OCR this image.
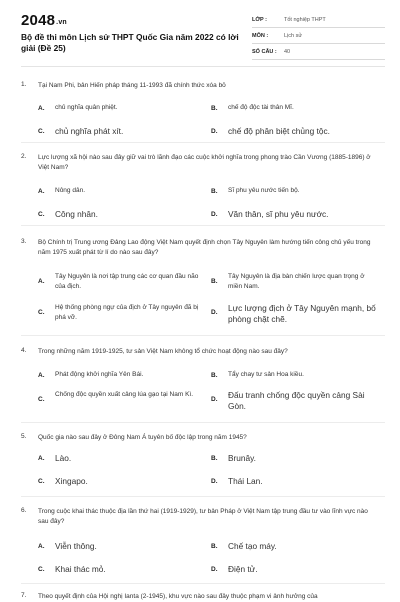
2048.vn
Bộ đề thi môn Lịch sử THPT Quốc Gia năm 2022 có lời giải (Đề 25)
LỚP :	Tốt nghiệp THPT
MÔN :	Lịch sử
SỐ CÂU : 40
1. Tại Nam Phi, bản Hiến pháp tháng 11-1993 đã chính thức xóa bỏ
A. chủ nghĩa quân phiệt.	B. chế độ độc tài thân Mĩ.
C. chủ nghĩa phát xít.	D. chế độ phân biệt chủng tộc.
2. Lực lượng xã hội nào sau đây giữ vai trò lãnh đạo các cuộc khởi nghĩa trong phong trào Cần Vương (1885-1896) ở Việt Nam?
A. Nông dân.	B. Sĩ phu yêu nước tiến bộ.
C. Công nhân.	D. Văn thân, sĩ phu yêu nước.
3. Bộ Chính trị Trung ương Đảng Lao động Việt Nam quyết định chọn Tây Nguyên làm hướng tiến công chủ yếu trong năm 1975 xuất phát từ lí do nào sau đây?
A.
Tây Nguyên là nơi tập trung các cơ quan đầu não của địch.
B.
Tây Nguyên là địa bàn chiến lược quan trọng ở miền Nam.
C.
Hệ thống phòng ngự của địch ở Tây nguyên đã bị phá vỡ.
D. Lực lượng địch ở Tây Nguyên mạnh, bố phòng chặt chẽ.
4. Trong những năm 1919-1925, tư sản Việt Nam không tổ chức hoạt động nào sau đây?
A. Phát động khởi nghĩa Yên Bái.	B. Tẩy chay tư sản Hoa kiều.
C.
Chống độc quyền xuất cảng lúa gạo tại Nam Kì.
D. Đấu tranh chống độc quyền cảng Sài Gòn.
5. Quốc gia nào sau đây ở Đông Nam Á tuyên bố độc lập trong năm 1945?
A. Lào.	B. Brunây.
C. Xingapo.	D. Thái Lan.
6. Trong cuộc khai thác thuộc địa lần thứ hai (1919-1929), tư bản Pháp ở Việt Nam tập trung đầu tư vào lĩnh vực nào sau đây?
A. Viễn thông.	B. Chế tạo máy.
C. Khai thác mỏ.	D. Điện tử.
7. Theo quyết định của Hội nghị Ianta (2-1945), khu vực nào sau đây thuộc phạm vi ảnh hưởng của
